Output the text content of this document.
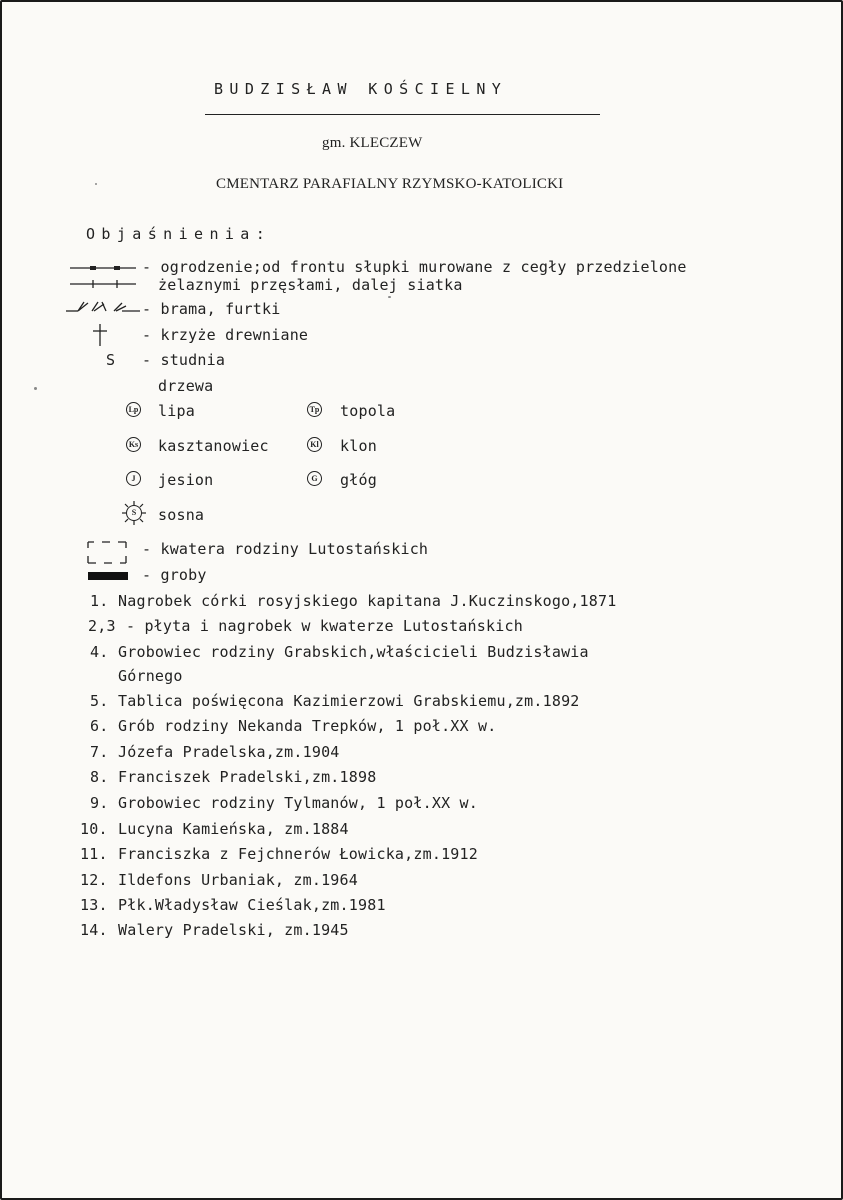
BUDZISŁAW KOŚCIELNY
gm. KLECZEW
CMENTARZ PARAFIALNY RZYMSKO-KATOLICKI
Objaśnienia:
- ogrodzenie;od frontu słupki murowane z cegły przedzielone
żelaznymi przęsłami, dalej siatka
- brama, furtki
- krzyże drewniane
S - studnia
drzewa
Lp lipa	Tp topola
Ks kasztanowiec	Kl klon
J	jesion	G głóg
S	sosna
- kwatera rodziny Lutostańskich
- groby
1. Nagrobek córki rosyjskiego kapitana J.Kuczinskogo,1871
2,3 - płyta i nagrobek w kwaterze Lutostańskich
4. Grobowiec rodziny Grabskich,właścicieli Budzisławia
Górnego
5. Tablica poświęcona Kazimierzowi Grabskiemu,zm.1892
6. Grób rodziny Nekanda Trepków, 1 poł.XX w.
7. Józefa Pradelska,zm.1904
8. Franciszek Pradelski,zm.1898
9. Grobowiec rodziny Tylmanów, 1 poł.XX w.
10. Lucyna Kamieńska, zm.1884
11. Franciszka z Fejchnerów Łowicka,zm.1912
12. Ildefons Urbaniak, zm.1964
13. Płk.Władysław Cieślak,zm.1981
14. Walery Pradelski, zm.1945
